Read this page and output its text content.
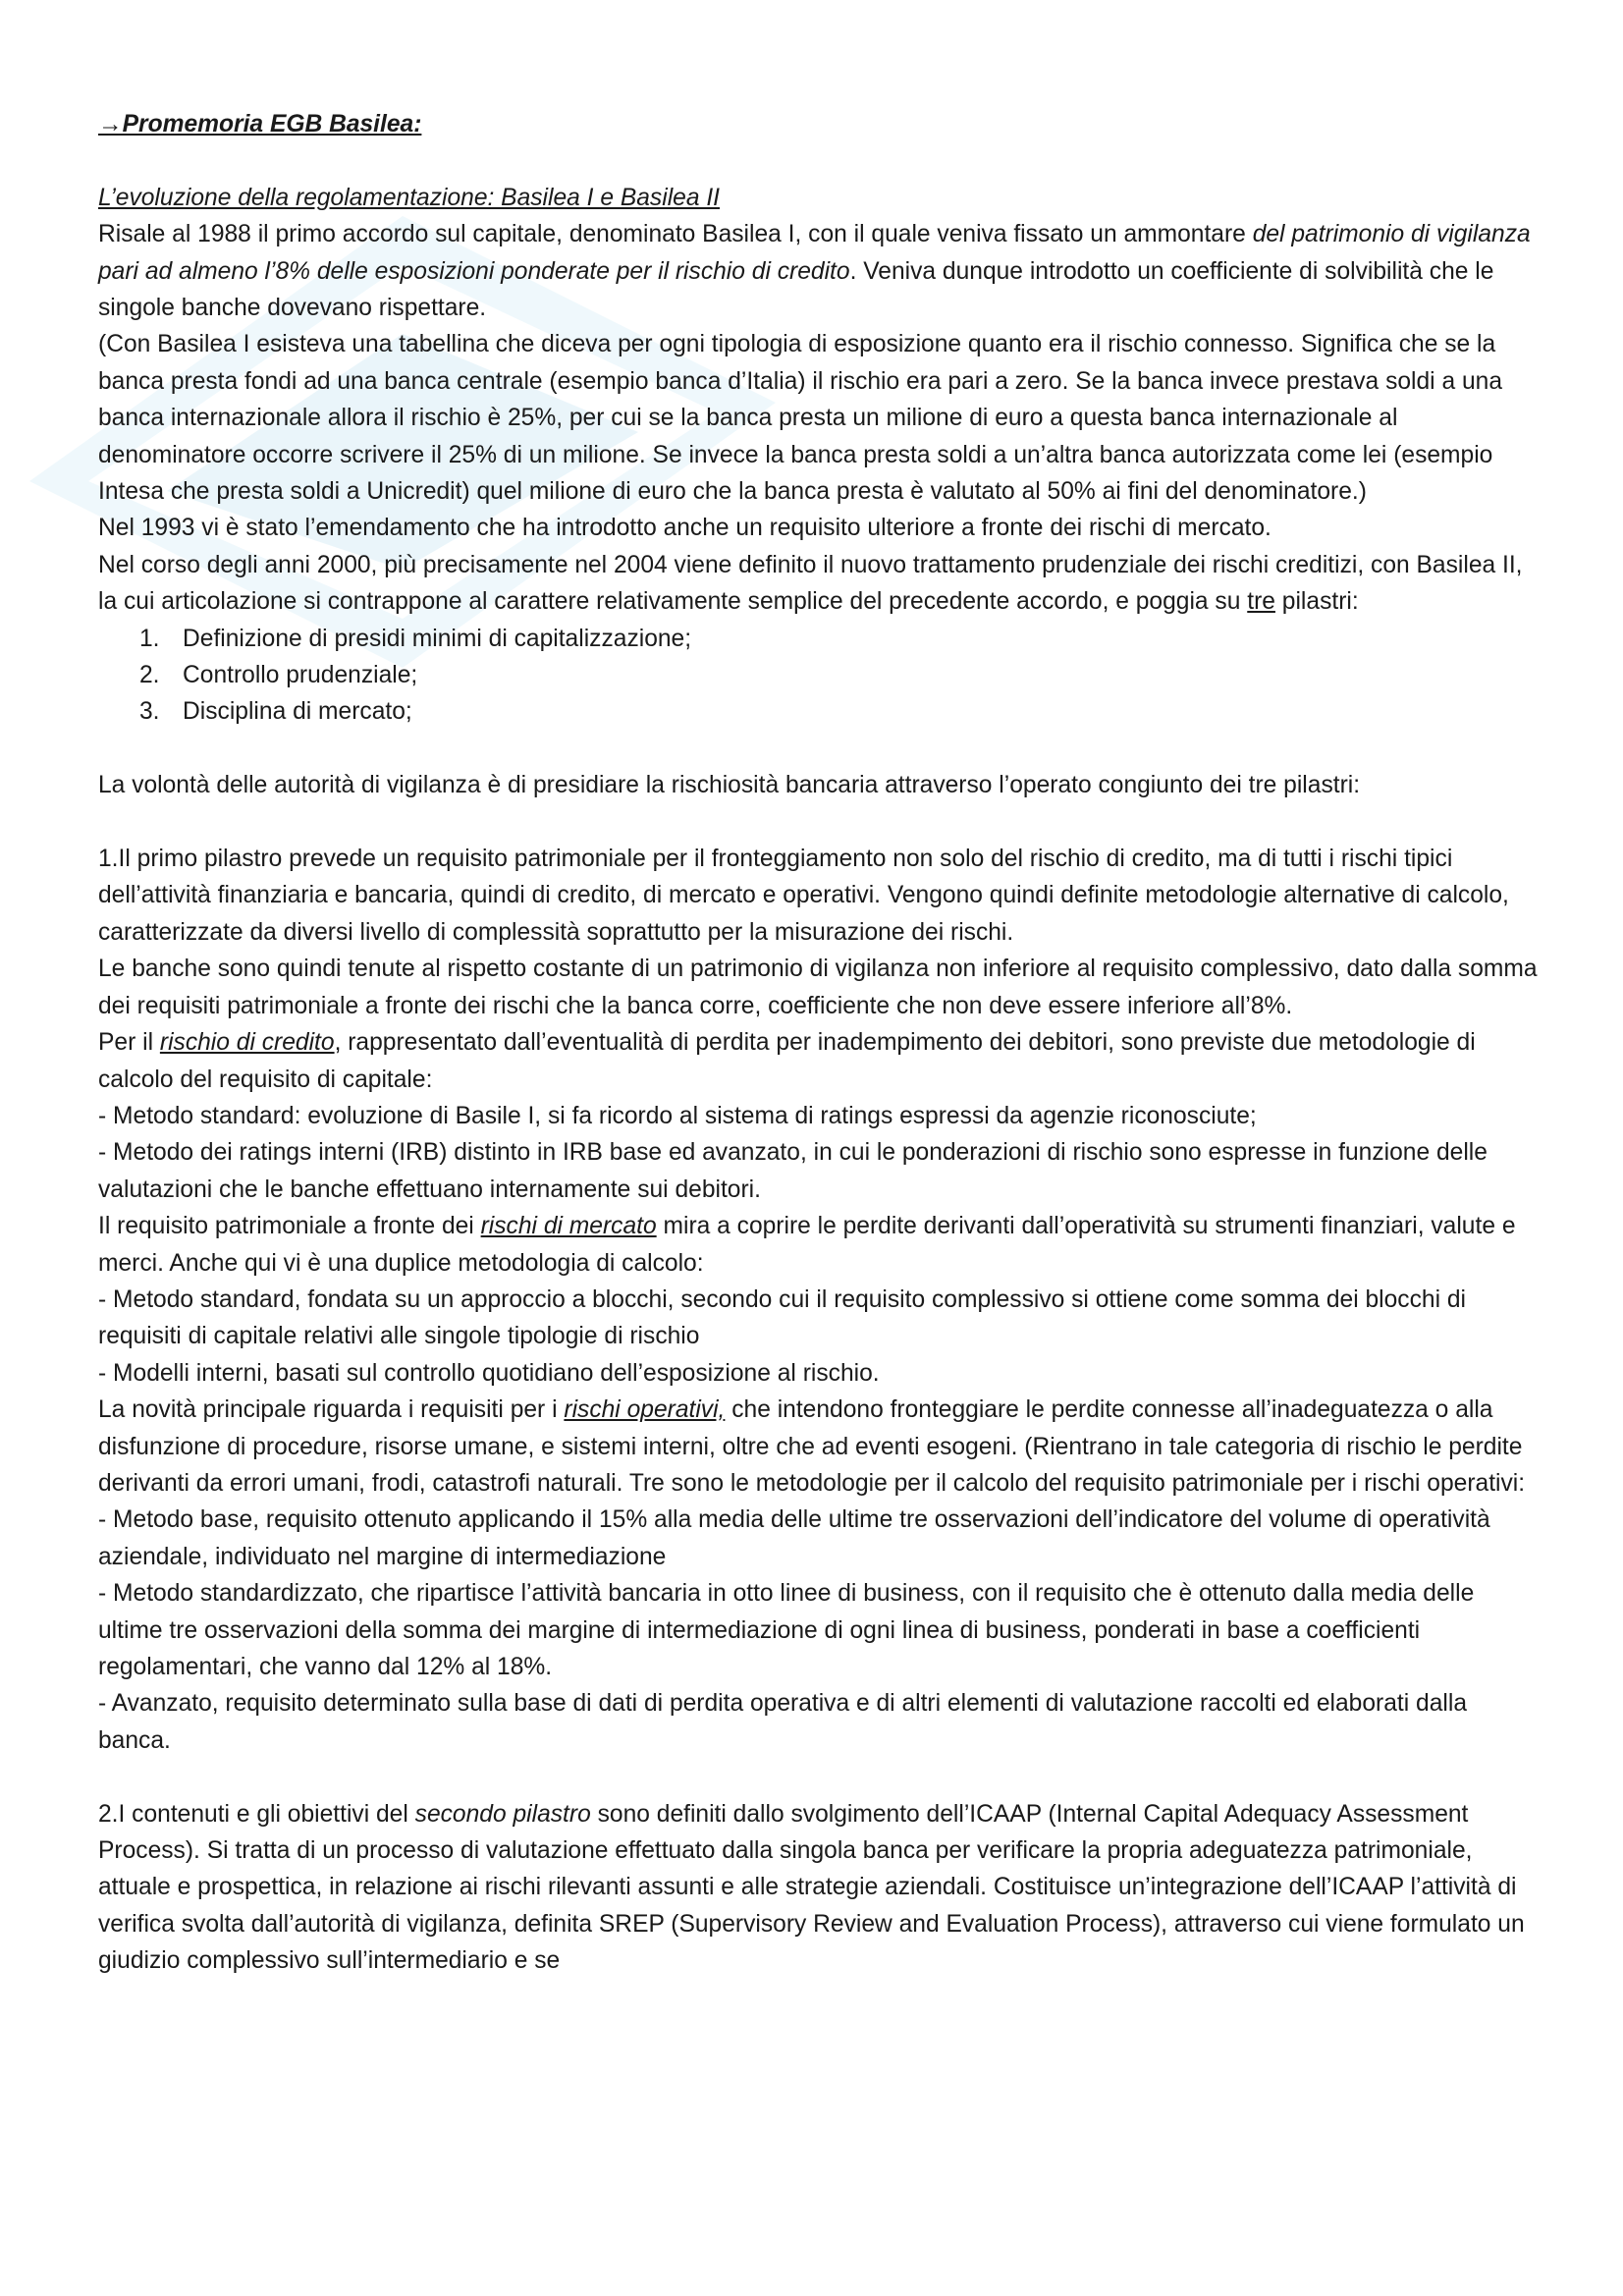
→Promemoria EGB Basilea:

L’evoluzione della regolamentazione: Basilea I e Basilea II

Risale al 1988 il primo accordo sul capitale, denominato Basilea I, con il quale veniva fissato un ammontare del patrimonio di vigilanza pari ad almeno l’8% delle esposizioni ponderate per il rischio di credito. Veniva dunque introdotto un coefficiente di solvibilità che le singole banche dovevano rispettare.

(Con Basilea I esisteva una tabellina che diceva per ogni tipologia di esposizione quanto era il rischio connesso. Significa che se la banca presta fondi ad una banca centrale (esempio banca d’Italia) il rischio era pari a zero. Se la banca invece prestava soldi a una banca internazionale allora il rischio è 25%, per cui se la banca presta un milione di euro a questa banca internazionale al denominatore occorre scrivere il 25% di un milione. Se invece la banca presta soldi a un’altra banca autorizzata come lei (esempio Intesa che presta soldi a Unicredit) quel milione di euro che la banca presta è valutato al 50% ai fini del denominatore.)

Nel 1993 vi è stato l’emendamento che ha introdotto anche un requisito ulteriore a fronte dei rischi di mercato.

Nel corso degli anni 2000, più precisamente nel 2004 viene definito il nuovo trattamento prudenziale dei rischi creditizi, con Basilea II, la cui articolazione si contrappone al carattere relativamente semplice del precedente accordo, e poggia su tre pilastri:

1. Definizione di presidi minimi di capitalizzazione;
2. Controllo prudenziale;
3. Disciplina di mercato;

La volontà delle autorità di vigilanza è di presidiare la rischiosità bancaria attraverso l’operato congiunto dei tre pilastri:

1.Il primo pilastro prevede un requisito patrimoniale per il fronteggiamento non solo del rischio di credito, ma di tutti i rischi tipici dell’attività finanziaria e bancaria, quindi di credito, di mercato e operativi. Vengono quindi definite metodologie alternative di calcolo, caratterizzate da diversi livello di complessità soprattutto per la misurazione dei rischi.

Le banche sono quindi tenute al rispetto costante di un patrimonio di vigilanza non inferiore al requisito complessivo, dato dalla somma dei requisiti patrimoniale a fronte dei rischi che la banca corre, coefficiente che non deve essere inferiore all’8%.

Per il rischio di credito, rappresentato dall’eventualità di perdita per inadempimento dei debitori, sono previste due metodologie di calcolo del requisito di capitale:

- Metodo standard: evoluzione di Basile I, si fa ricordo al sistema di ratings espressi da agenzie riconosciute;

- Metodo dei ratings interni (IRB) distinto in IRB base ed avanzato, in cui le ponderazioni di rischio sono espresse in funzione delle valutazioni che le banche effettuano internamente sui debitori.

Il requisito patrimoniale a fronte dei rischi di mercato mira a coprire le perdite derivanti dall’operatività su strumenti finanziari, valute e merci. Anche qui vi è una duplice metodologia di calcolo:

- Metodo standard, fondata su un approccio a blocchi, secondo cui il requisito complessivo si ottiene come somma dei blocchi di requisiti di capitale relativi alle singole tipologie di rischio

- Modelli interni, basati sul controllo quotidiano dell’esposizione al rischio.

La novità principale riguarda i requisiti per i rischi operativi, che intendono fronteggiare le perdite connesse all’inadeguatezza o alla disfunzione di procedure, risorse umane, e sistemi interni, oltre che ad eventi esogeni. (Rientrano in tale categoria di rischio le perdite derivanti da errori umani, frodi, catastrofi naturali. Tre sono le metodologie per il calcolo del requisito patrimoniale per i rischi operativi:

- Metodo base, requisito ottenuto applicando il 15% alla media delle ultime tre osservazioni dell’indicatore del volume di operatività aziendale, individuato nel margine di intermediazione

- Metodo standardizzato, che ripartisce l’attività bancaria in otto linee di business, con il requisito che è ottenuto dalla media delle ultime tre osservazioni della somma dei margine di intermediazione di ogni linea di business, ponderati in base a coefficienti regolamentari, che vanno dal 12% al 18%.

- Avanzato, requisito determinato sulla base di dati di perdita operativa e di altri elementi di valutazione raccolti ed elaborati dalla banca.

2.I contenuti e gli obiettivi del secondo pilastro sono definiti dallo svolgimento dell’ICAAP (Internal Capital Adequacy Assessment Process). Si tratta di un processo di valutazione effettuato dalla singola banca per verificare la propria adeguatezza patrimoniale, attuale e prospettica, in relazione ai rischi rilevanti assunti e alle strategie aziendali. Costituisce un’integrazione dell’ICAAP l’attività di verifica svolta dall’autorità di vigilanza, definita SREP (Supervisory Review and Evaluation Process), attraverso cui viene formulato un giudizio complessivo sull’intermediario e se
